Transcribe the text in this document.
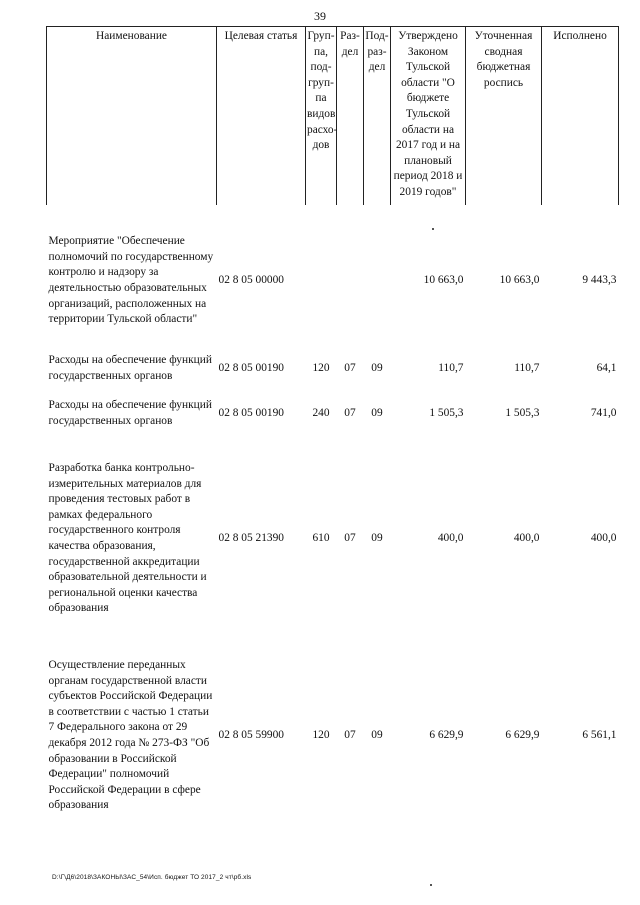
39
Наименование	Целевая статья	Груп-па, под-груп-па видов расхо-дов	Раз-дел	Под-раз-дел	Утверждено Законом Тульской области "О бюджете Тульской области на 2017 год и на плановый период 2018 и 2019 годов"	Уточненная сводная бюджетная роспись	Исполнено
Мероприятие "Обеспечение полномочий по государственному контролю и надзору за деятельностью образовательных организаций, расположенных на территории Тульской области"	02 8 05 00000				10 663,0	10 663,0	9 443,3
Расходы на обеспечение функций государственных органов	02 8 05 00190	120	07	09	110,7	110,7	64,1
Расходы на обеспечение функций государственных органов	02 8 05 00190	240	07	09	1 505,3	1 505,3	741,0
Разработка банка контрольно-измерительных материалов для проведения тестовых работ в рамках федерального государственного контроля качества образования, государственной аккредитации образовательной деятельности и региональной оценки качества образования	02 8 05 21390	610	07	09	400,0	400,0	400,0
Осуществление переданных органам государственной власти субъектов Российской Федерации в соответствии с частью 1 статьи 7 Федерального закона от 29 декабря 2012 года № 273-ФЗ "Об образовании в Российской Федерации" полномочий Российской Федерации в сфере образования	02 8 05 59900	120	07	09	6 629,9	6 629,9	6 561,1
D:\Г\Д6\2018\ЗАКОНЫ\ЗАС_54\Исп. бюджет ТО 2017_2 чт\рб.xls
